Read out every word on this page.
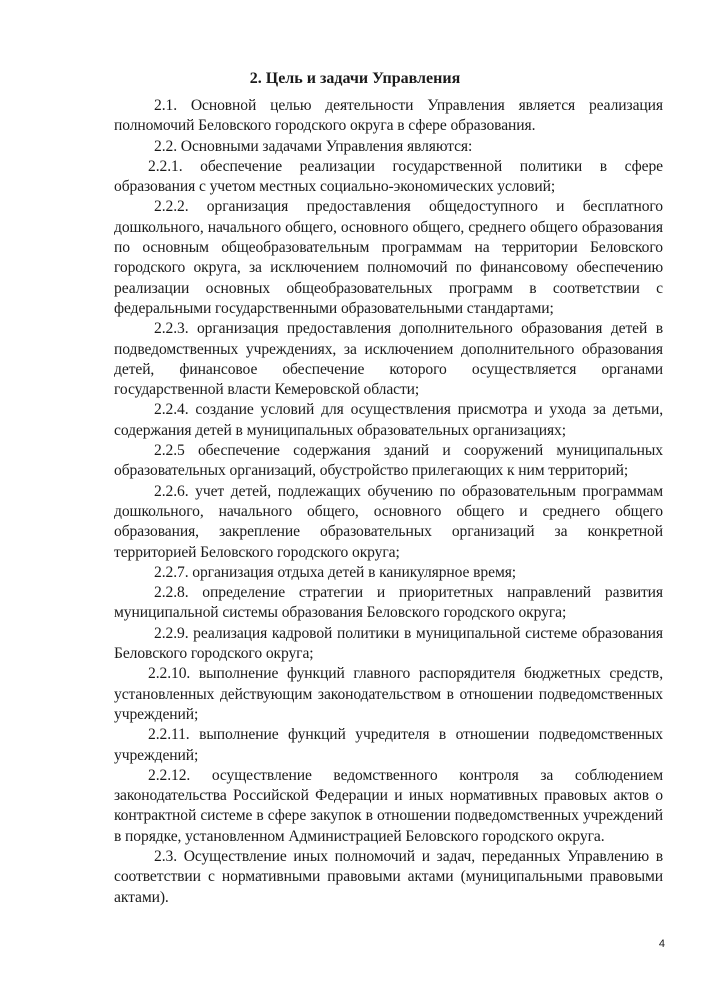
2. Цель и задачи Управления

2.1. Основной целью деятельности Управления является реализация полномочий Беловского городского округа в сфере образования.

2.2. Основными задачами Управления являются:

2.2.1. обеспечение реализации государственной политики в сфере образования с учетом местных социально-экономических условий;

2.2.2. организация предоставления общедоступного и бесплатного дошкольного, начального общего, основного общего, среднего общего образования по основным общеобразовательным программам на территории Беловского городского округа, за исключением полномочий по финансовому обеспечению реализации основных общеобразовательных программ в соответствии с федеральными государственными образовательными стандартами;

2.2.3. организация предоставления дополнительного образования детей в подведомственных учреждениях, за исключением дополнительного образования детей, финансовое обеспечение которого осуществляется органами государственной власти Кемеровской области;

2.2.4. создание условий для осуществления присмотра и ухода за детьми, содержания детей в муниципальных образовательных организациях;

2.2.5 обеспечение содержания зданий и сооружений муниципальных образовательных организаций, обустройство прилегающих к ним территорий;

2.2.6. учет детей, подлежащих обучению по образовательным программам дошкольного, начального общего, основного общего и среднего общего образования, закрепление образовательных организаций за конкретной территорией Беловского городского округа;

2.2.7. организация отдыха детей в каникулярное время;

2.2.8. определение стратегии и приоритетных направлений развития муниципальной системы образования Беловского городского округа;

2.2.9. реализация кадровой политики в муниципальной системе образования Беловского городского округа;

2.2.10. выполнение функций главного распорядителя бюджетных средств, установленных действующим законодательством в отношении подведомственных учреждений;

2.2.11. выполнение функций учредителя в отношении подведомственных учреждений;

2.2.12. осуществление ведомственного контроля за соблюдением законодательства Российской Федерации и иных нормативных правовых актов о контрактной системе в сфере закупок в отношении подведомственных учреждений в порядке, установленном Администрацией Беловского городского округа.

2.3. Осуществление иных полномочий и задач, переданных Управлению в соответствии с нормативными правовыми актами (муниципальными правовыми актами).

4
